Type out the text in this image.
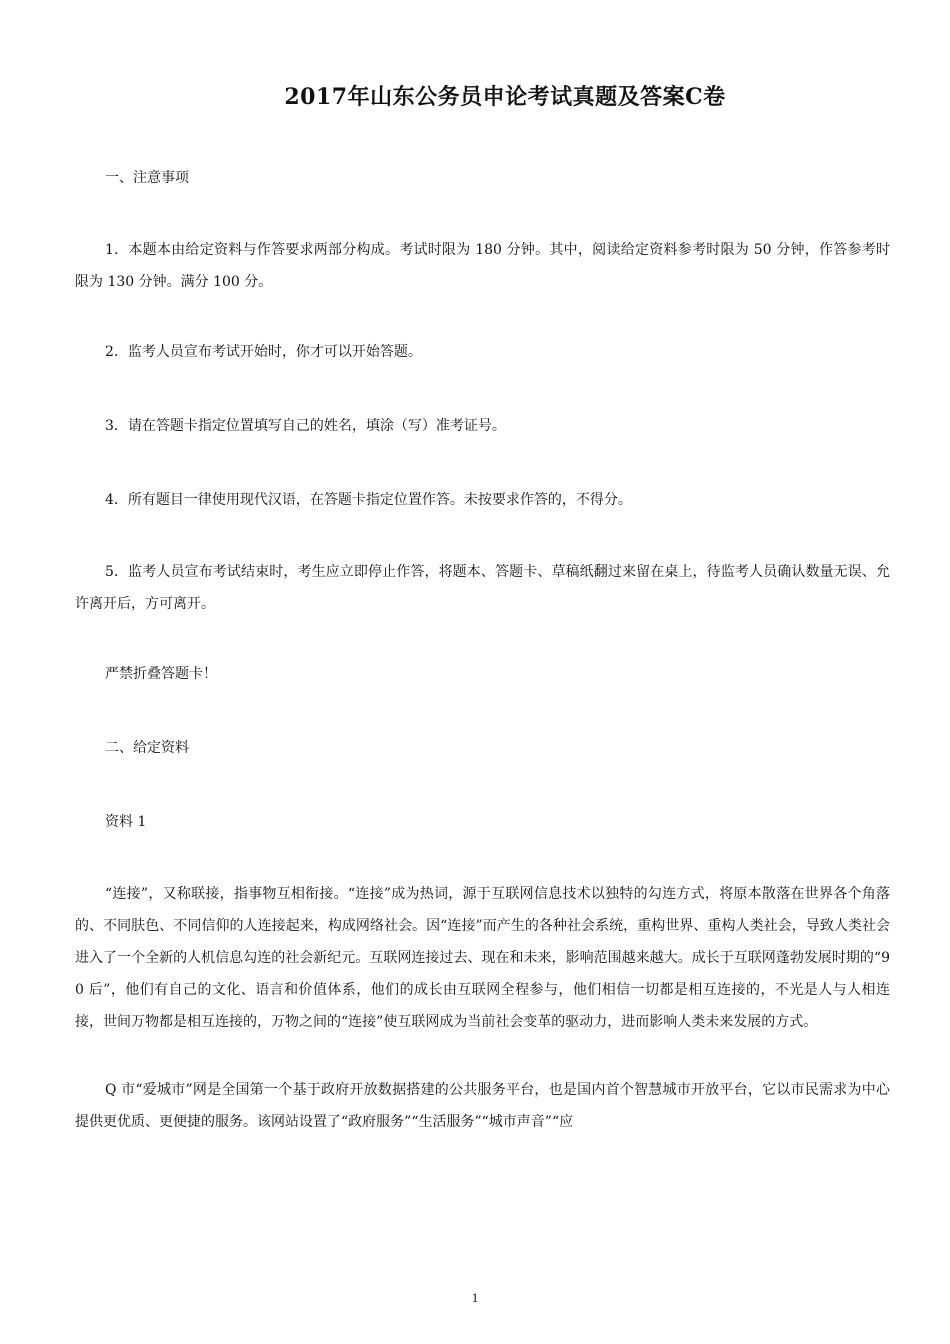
2017年山东公务员申论考试真题及答案C卷

一、注意事项

1．本题本由给定资料与作答要求两部分构成。考试时限为 180 分钟。其中，阅读给定资料参考时限为 50 分钟，作答参考时限为 130 分钟。满分 100 分。

2．监考人员宣布考试开始时，你才可以开始答题。

3．请在答题卡指定位置填写自己的姓名，填涂（写）准考证号。

4．所有题目一律使用现代汉语，在答题卡指定位置作答。未按要求作答的，不得分。

5．监考人员宣布考试结束时，考生应立即停止作答，将题本、答题卡、草稿纸翻过来留在桌上，待监考人员确认数量无误、允许离开后，方可离开。

严禁折叠答题卡！

二、给定资料

资料 1

“连接”，又称联接，指事物互相衔接。“连接”成为热词，源于互联网信息技术以独特的勾连方式，将原本散落在世界各个角落的、不同肤色、不同信仰的人连接起来，构成网络社会。因“连接”而产生的各种社会系统，重构世界、重构人类社会，导致人类社会进入了一个全新的人机信息勾连的社会新纪元。互联网连接过去、现在和未来，影响范围越来越大。成长于互联网蓬勃发展时期的“90 后”，他们有自己的文化、语言和价值体系，他们的成长由互联网全程参与，他们相信一切都是相互连接的，不光是人与人相连接，世间万物都是相互连接的，万物之间的“连接”使互联网成为当前社会变革的驱动力，进而影响人类未来发展的方式。

Q 市“爱城市”网是全国第一个基于政府开放数据搭建的公共服务平台，也是国内首个智慧城市开放平台，它以市民需求为中心提供更优质、更便捷的服务。该网站设置了“政府服务”“生活服务”“城市声音”“应

1
